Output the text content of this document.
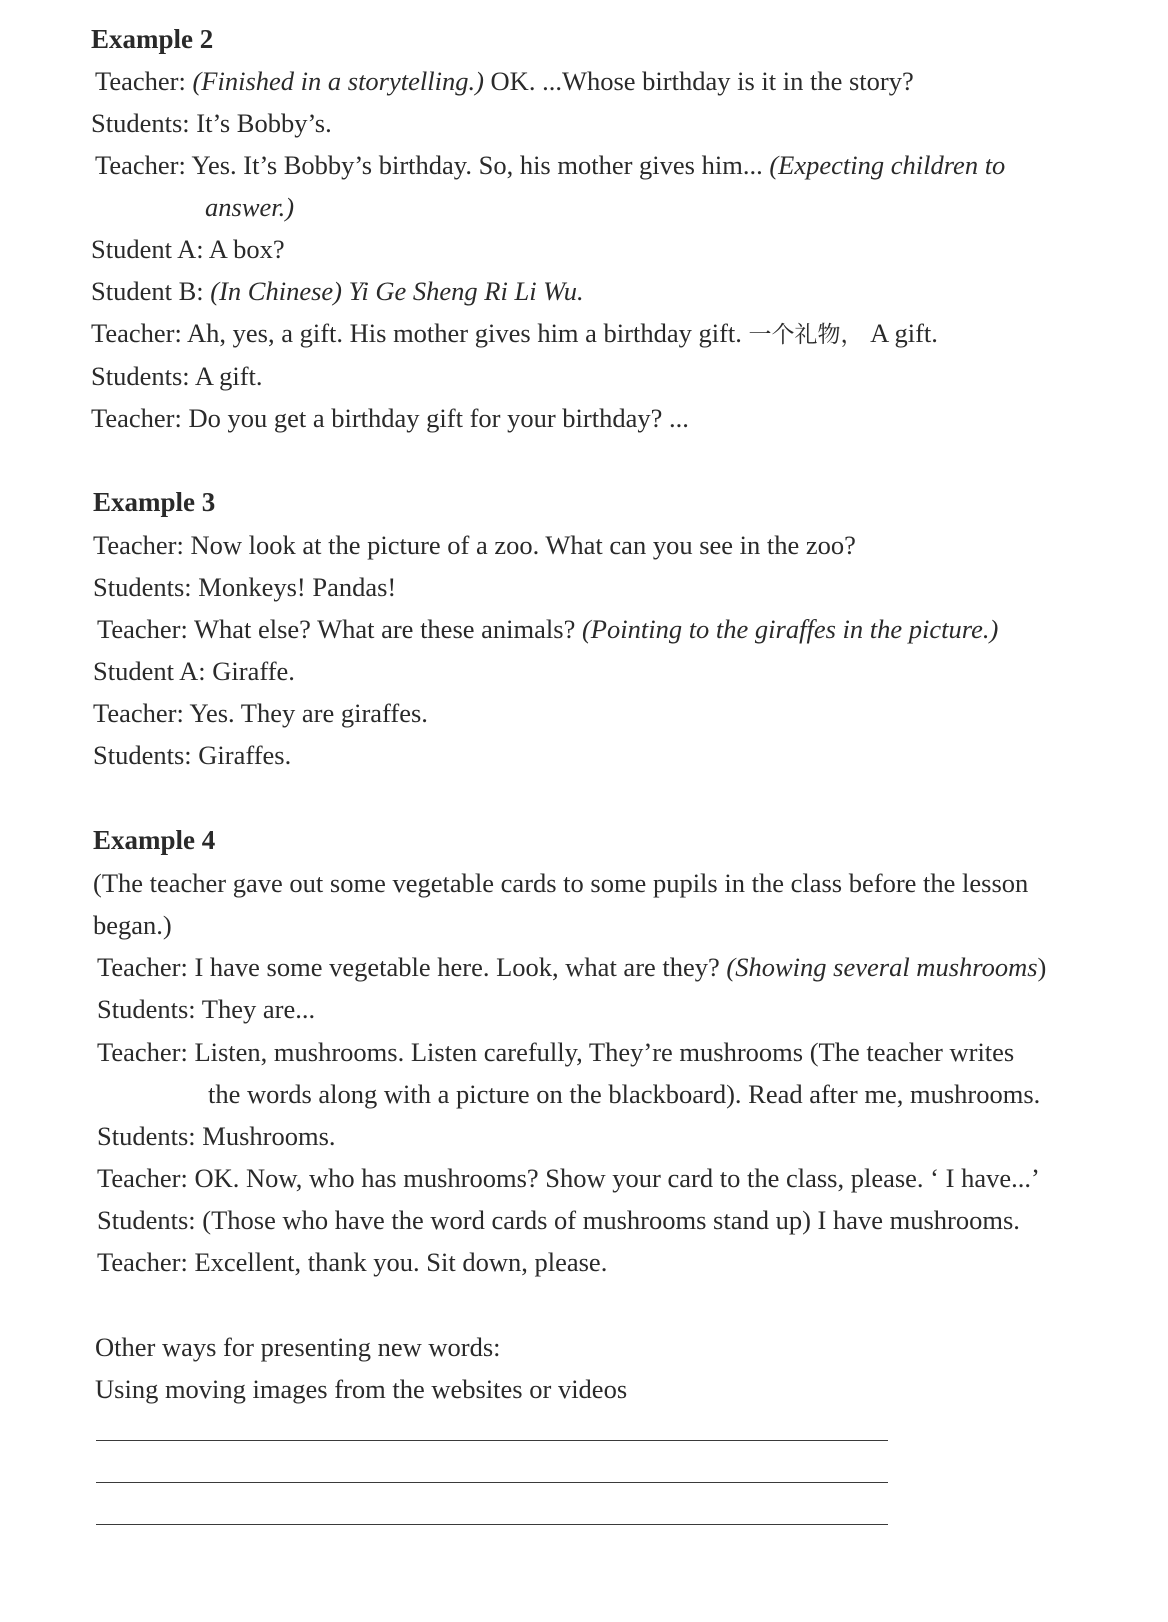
Example 2
Teacher: (Finished in a storytelling.) OK. ...Whose birthday is it in the story?
Students: It’s Bobby’s.
Teacher: Yes. It’s Bobby’s birthday. So, his mother gives him... (Expecting children to
answer.)
Student A: A box?
Student B: (In Chinese) Yi Ge Sheng Ri Li Wu.
Teacher: Ah, yes, a gift. His mother gives him a birthday gift. 一个礼物， A gift.
Students: A gift.
Teacher: Do you get a birthday gift for your birthday? ...
Example 3
Teacher: Now look at the picture of a zoo. What can you see in the zoo?
Students: Monkeys! Pandas!
Teacher: What else? What are these animals? (Pointing to the giraffes in the picture.)
Student A: Giraffe.
Teacher: Yes. They are giraffes.
Students: Giraffes.
Example 4
(The teacher gave out some vegetable cards to some pupils in the class before the lesson
began.)
Teacher: I have some vegetable here. Look, what are they? (Showing several mushrooms)
Students: They are...
Teacher: Listen, mushrooms. Listen carefully, They’re mushrooms (The teacher writes
the words along with a picture on the blackboard). Read after me, mushrooms.
Students: Mushrooms.
Teacher: OK. Now, who has mushrooms? Show your card to the class, please. ‘ I have...’
Students: (Those who have the word cards of mushrooms stand up) I have mushrooms.
Teacher: Excellent, thank you. Sit down, please.
Other ways for presenting new words:
Using moving images from the websites or videos
